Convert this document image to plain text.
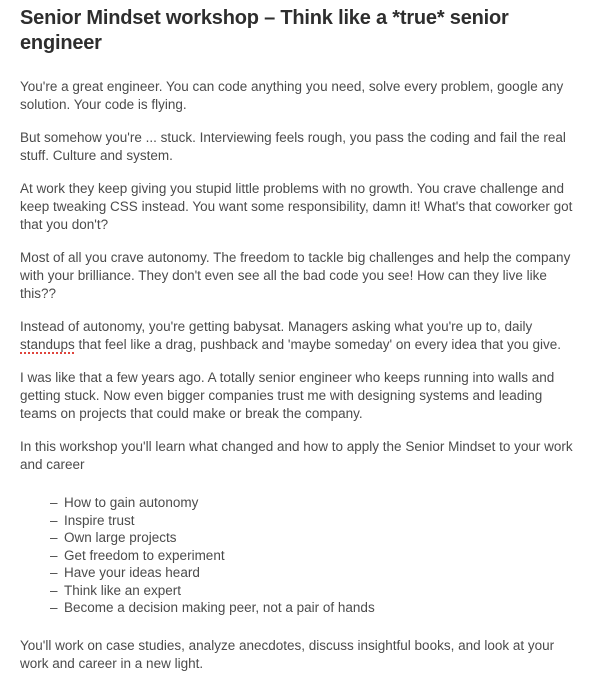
Senior Mindset workshop – Think like a *true* senior engineer

You're a great engineer. You can code anything you need, solve every problem, google any solution. Your code is flying.

But somehow you're ... stuck. Interviewing feels rough, you pass the coding and fail the real stuff. Culture and system.

At work they keep giving you stupid little problems with no growth. You crave challenge and keep tweaking CSS instead. You want some responsibility, damn it! What's that coworker got that you don't?

Most of all you crave autonomy. The freedom to tackle big challenges and help the company with your brilliance. They don't even see all the bad code you see! How can they live like this??

Instead of autonomy, you're getting babysat. Managers asking what you're up to, daily standups that feel like a drag, pushback and 'maybe someday' on every idea that you give.

I was like that a few years ago. A totally senior engineer who keeps running into walls and getting stuck. Now even bigger companies trust me with designing systems and leading teams on projects that could make or break the company.

In this workshop you'll learn what changed and how to apply the Senior Mindset to your work and career

– How to gain autonomy
– Inspire trust
– Own large projects
– Get freedom to experiment
– Have your ideas heard
– Think like an expert
– Become a decision making peer, not a pair of hands

You'll work on case studies, analyze anecdotes, discuss insightful books, and look at your work and career in a new light.
